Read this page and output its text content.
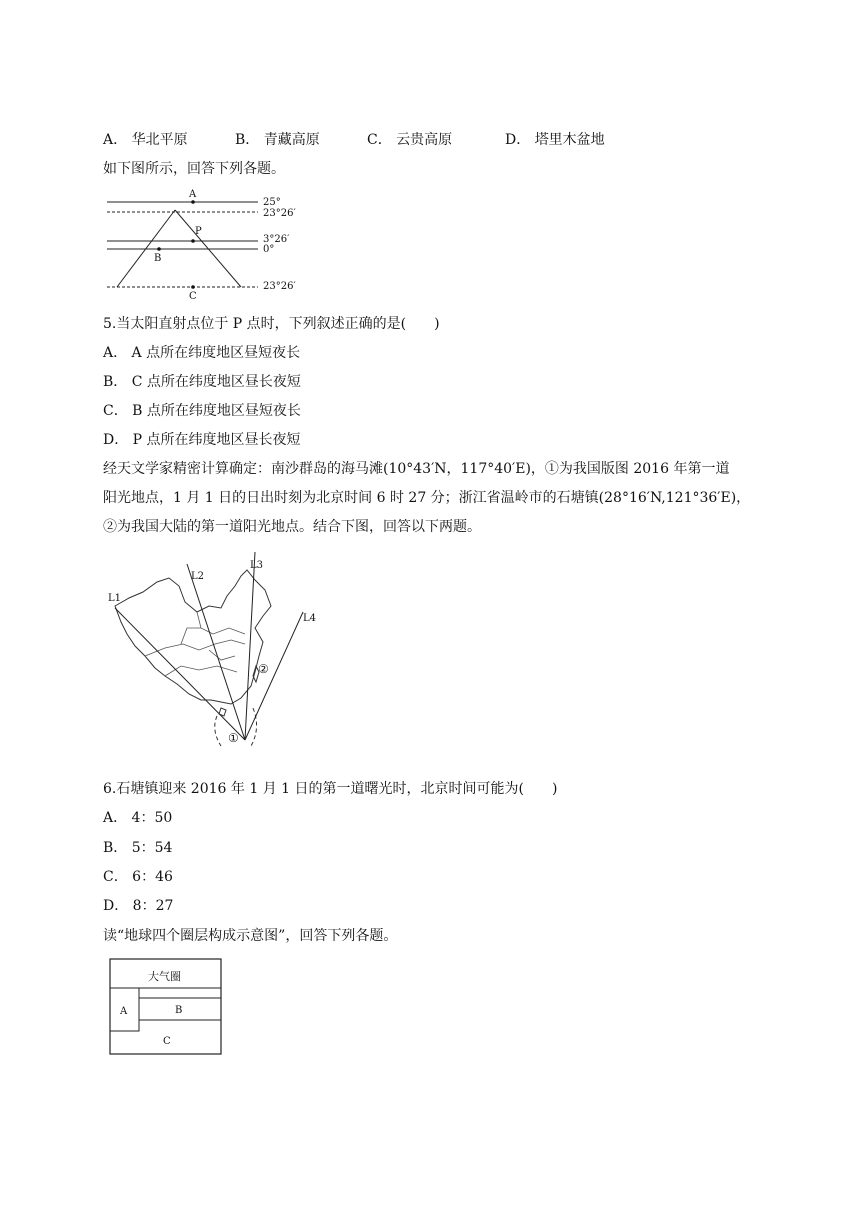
A． 华北平原	B． 青藏高原	C． 云贵高原	D． 塔里木盆地
如下图所示，回答下列各题。
A
P
B
C
25°
23°26′
3°26′
0°
23°26′
5.当太阳直射点位于 P 点时，下列叙述正确的是(　　)
A． A 点所在纬度地区昼短夜长
B． C 点所在纬度地区昼长夜短
C． B 点所在纬度地区昼短夜长
D． P 点所在纬度地区昼长夜短
经天文学家精密计算确定：南沙群岛的海马滩(10°43′N，117°40′E)，①为我国版图 2016 年第一道
阳光地点，1 月 1 日的日出时刻为北京时间 6 时 27 分；浙江省温岭市的石塘镇(28°16′N,121°36′E)，
②为我国大陆的第一道阳光地点。结合下图，回答以下两题。
L1
L2
L3
L4
①
②
6.石塘镇迎来 2016 年 1 月 1 日的第一道曙光时，北京时间可能为(　　)
A． 4：50
B． 5：54
C． 6：46
D． 8：27
读“地球四个圈层构成示意图”，回答下列各题。
大气圈
A	B
C
